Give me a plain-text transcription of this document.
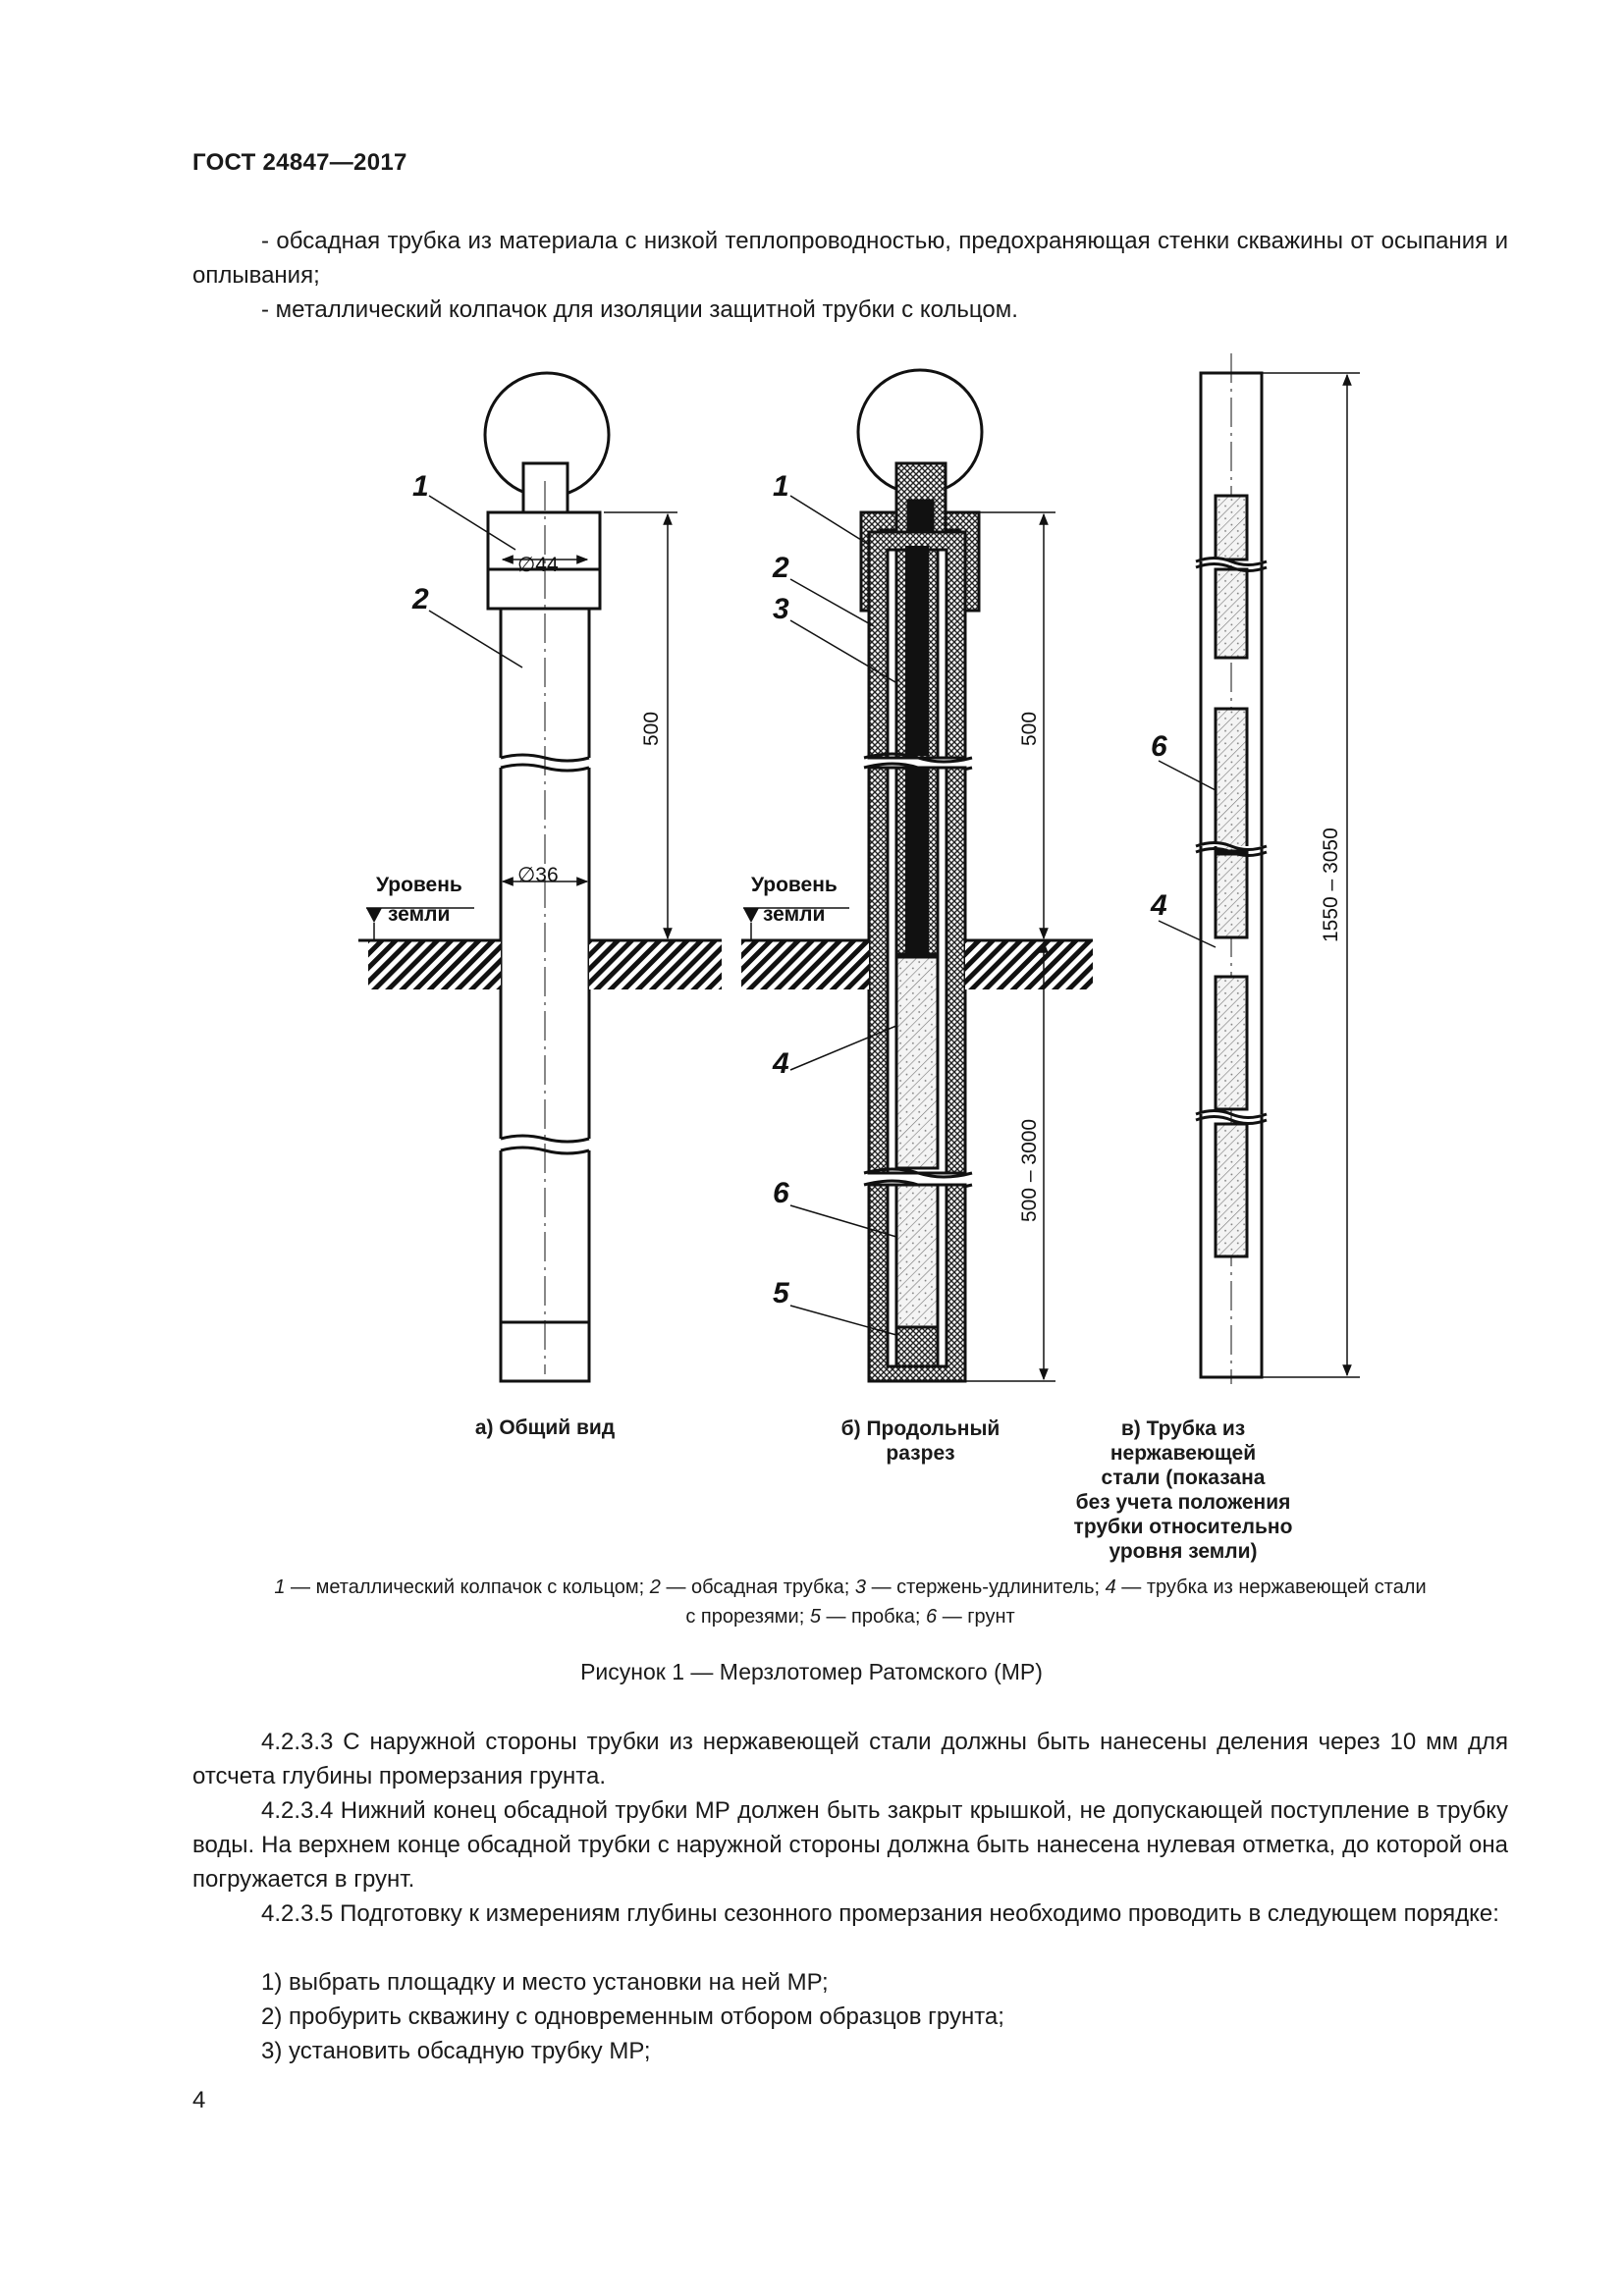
ГОСТ 24847—2017
- обсадная трубка из материала с низкой теплопроводностью, предохраняющая стенки скважины от осыпания и оплывания;
- металлический колпачок для изоляции защитной трубки с кольцом.
1
2
∅44
∅36
500
Уровень
земли
1
2
3
4
6
5
500
500 – 3000
Уровень
земли
6
4	1550 – 3050
в) Трубка из нержавеющей
стали (показана
без учета положения
трубки относительно
уровня земли)
а) Общий вид	б) Продольный
разрез
1 — металлический колпачок с кольцом; 2 — обсадная трубка; 3 — стержень-удлинитель; 4 — трубка из нержавеющей стали
с прорезями; 5 — пробка; 6 — грунт
Рисунок 1 — Мерзлотомер Ратомского (МР)
4.2.3.3 С наружной стороны трубки из нержавеющей стали должны быть нанесены деления через 10 мм для отсчета глубины промерзания грунта.
4.2.3.4 Нижний конец обсадной трубки МР должен быть закрыт крышкой, не допускающей поступление в трубку воды. На верхнем конце обсадной трубки с наружной стороны должна быть нанесена нулевая отметка, до которой она погружается в грунт.
4.2.3.5 Подготовку к измерениям глубины сезонного промерзания необходимо проводить в следующем порядке:
1) выбрать площадку и место установки на ней МР;
2) пробурить скважину с одновременным отбором образцов грунта;
3) установить обсадную трубку МР;
4
